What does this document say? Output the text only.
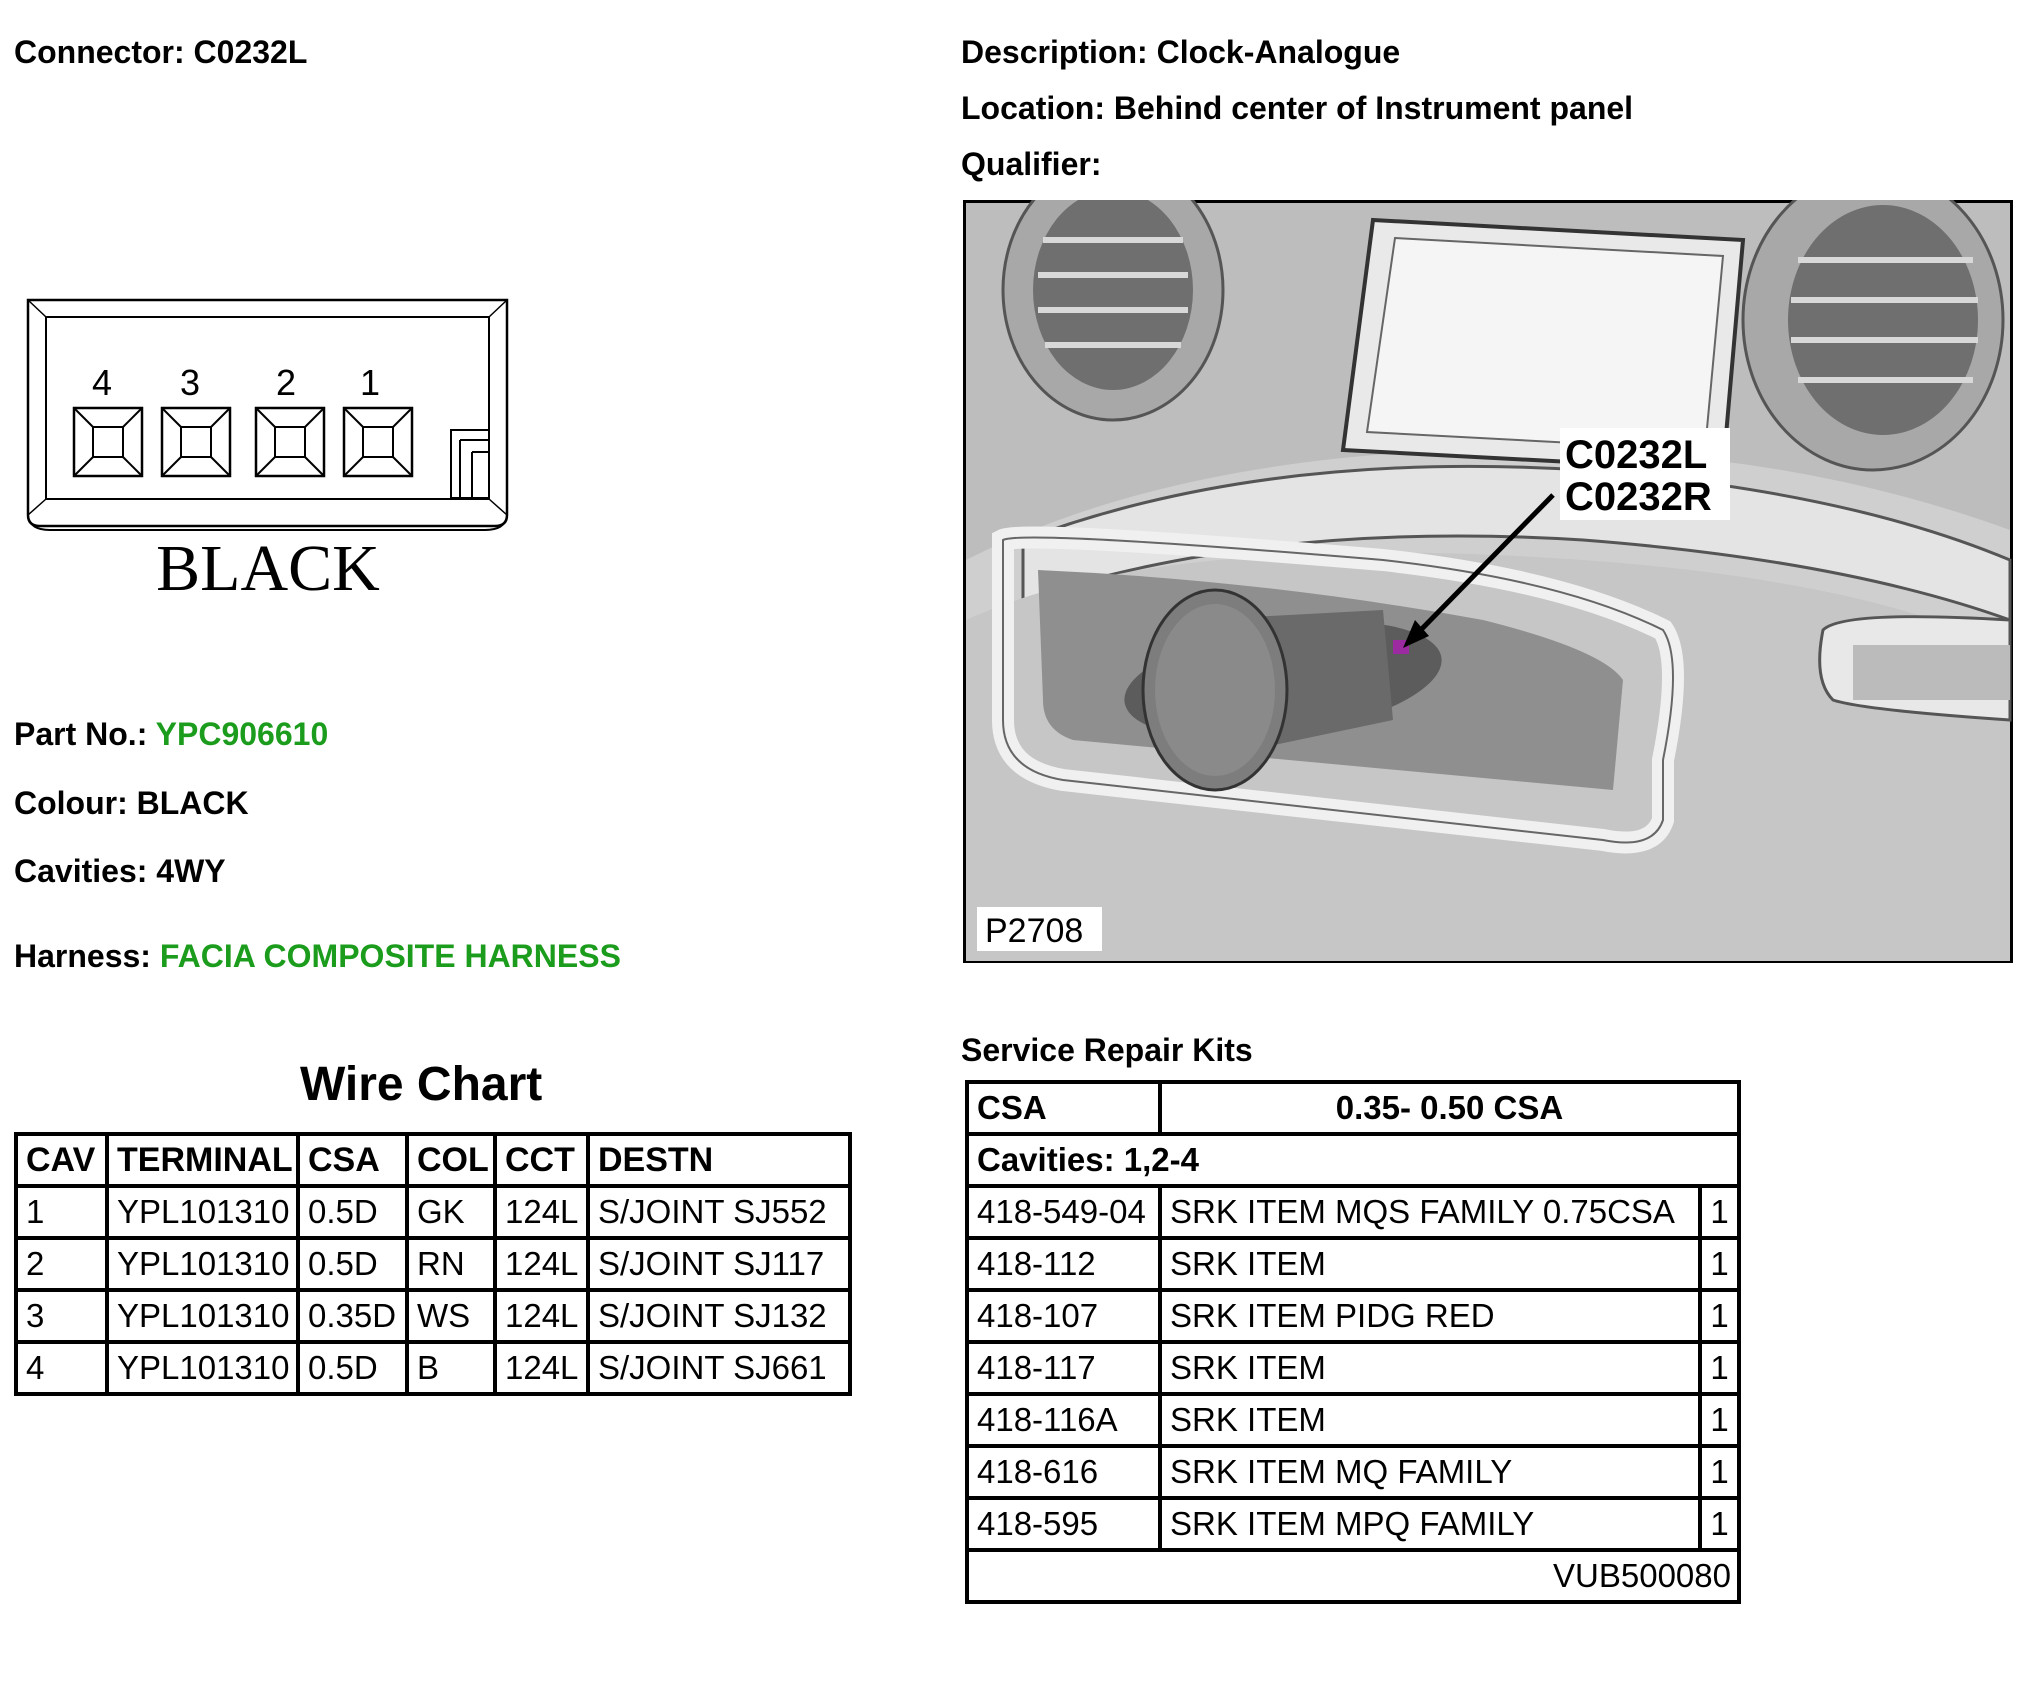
Connector: C0232L	Description: Clock-Analogue
Location: Behind center of Instrument panel
Qualifier:
4 3 2 1
BLACK
C0232L
C0232R
P2708
Part No.: YPC906610
Colour: BLACK
Cavities: 4WY
Harness: FACIA COMPOSITE HARNESS
Wire Chart
CAV	TERMINAL	CSA	COL	CCT	DESTN
1	YPL101310	0.5D	GK	124L	S/JOINT SJ552
2	YPL101310	0.5D	RN	124L	S/JOINT SJ117
3	YPL101310	0.35D	WS	124L	S/JOINT SJ132
4	YPL101310	0.5D	B	124L	S/JOINT SJ661
Service Repair Kits
CSA	0.35- 0.50 CSA	
Cavities: 1,2-4		
418-549-04	SRK ITEM MQS FAMILY 0.75CSA	1
418-112	SRK ITEM	1
418-107	SRK ITEM PIDG RED	1
418-117	SRK ITEM	1
418-116A	SRK ITEM	1
418-616	SRK ITEM MQ FAMILY	1
418-595	SRK ITEM MPQ FAMILY	1
VUB500080		
